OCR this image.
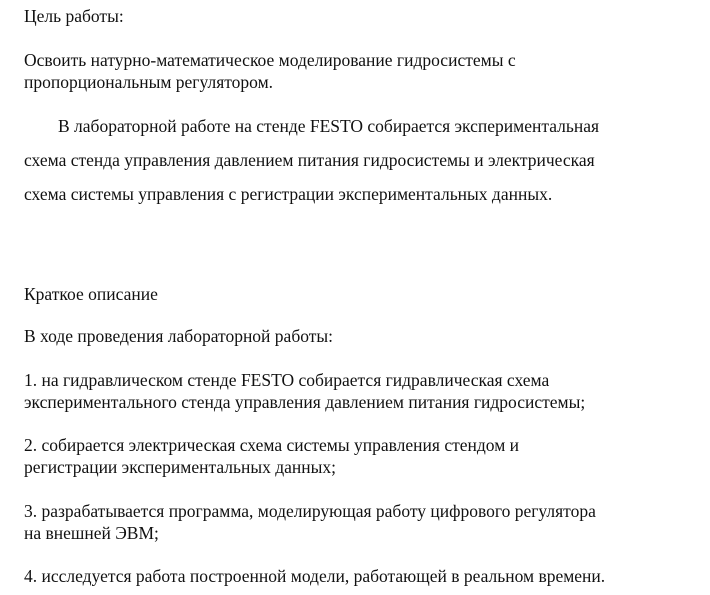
Цель работы:
Освоить натурно-математическое моделирование гидросистемы с
пропорциональным регулятором.
В лабораторной работе на стенде FESTO собирается экспериментальная
схема стенда управления давлением питания гидросистемы и электрическая
схема системы управления с регистрации экспериментальных данных.
Краткое описание
В ходе проведения лабораторной работы:
1. на гидравлическом стенде FESTO собирается гидравлическая схема
экспериментального стенда управления давлением питания гидросистемы;
2. собирается электрическая схема системы управления стендом и
регистрации экспериментальных данных;
3. разрабатывается программа, моделирующая работу цифрового регулятора
на внешней ЭВМ;
4. исследуется работа построенной модели, работающей в реальном времени.
